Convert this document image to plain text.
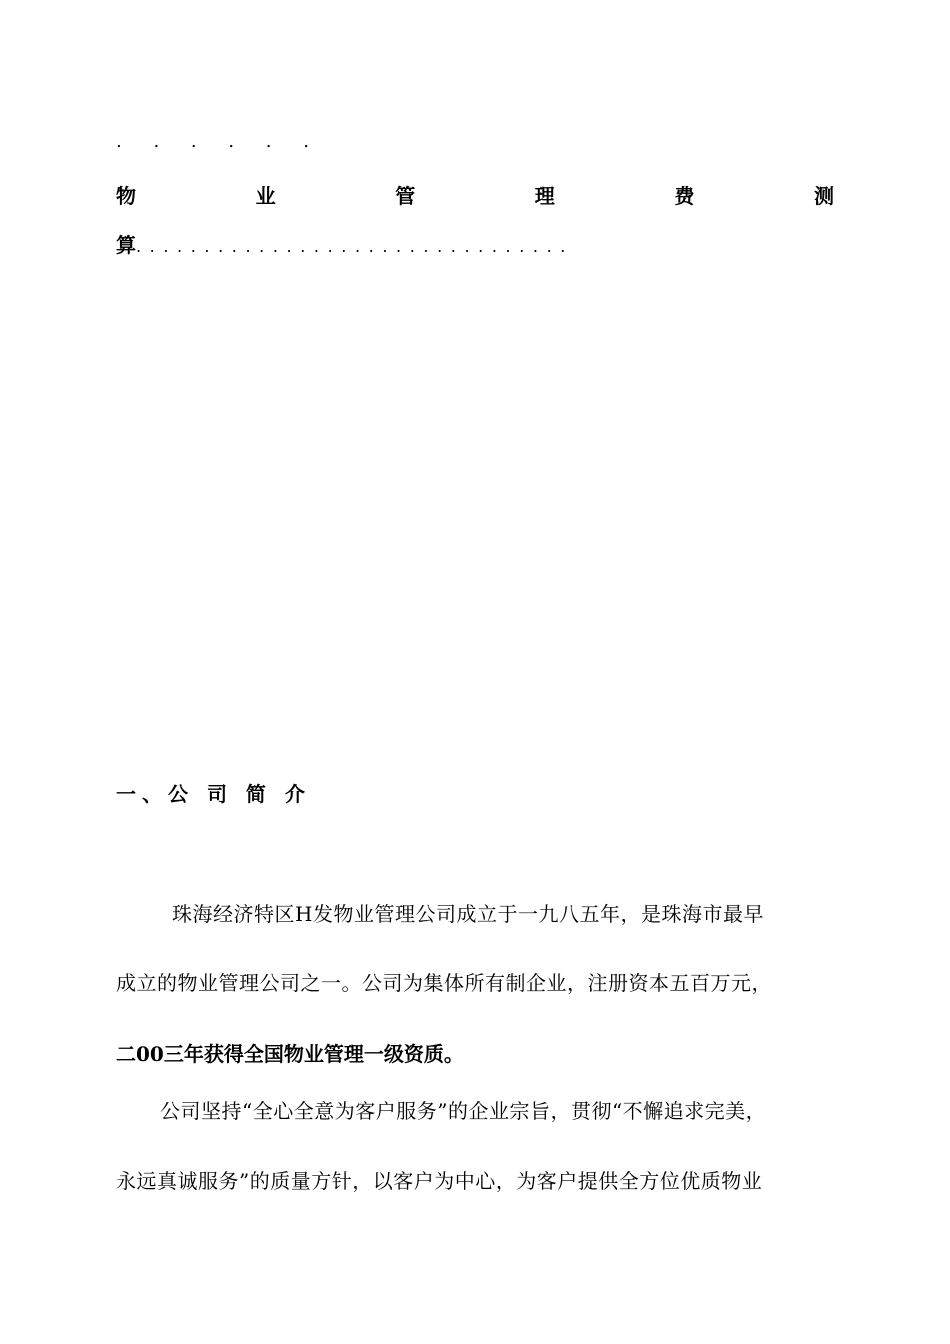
. . . . . .
物	业	管	理	费	测
算................................
一、公 司 简 介
珠海经济特区H发物业管理公司成立于一九八五年，是珠海市最早
成立的物业管理公司之一。公司为集体所有制企业，注册资本五百万元，
二00三年获得全国物业管理一级资质。
公司坚持“全心全意为客户服务”的企业宗旨，贯彻“不懈追求完美，
永远真诚服务”的质量方针，以客户为中心，为客户提供全方位优质物业
